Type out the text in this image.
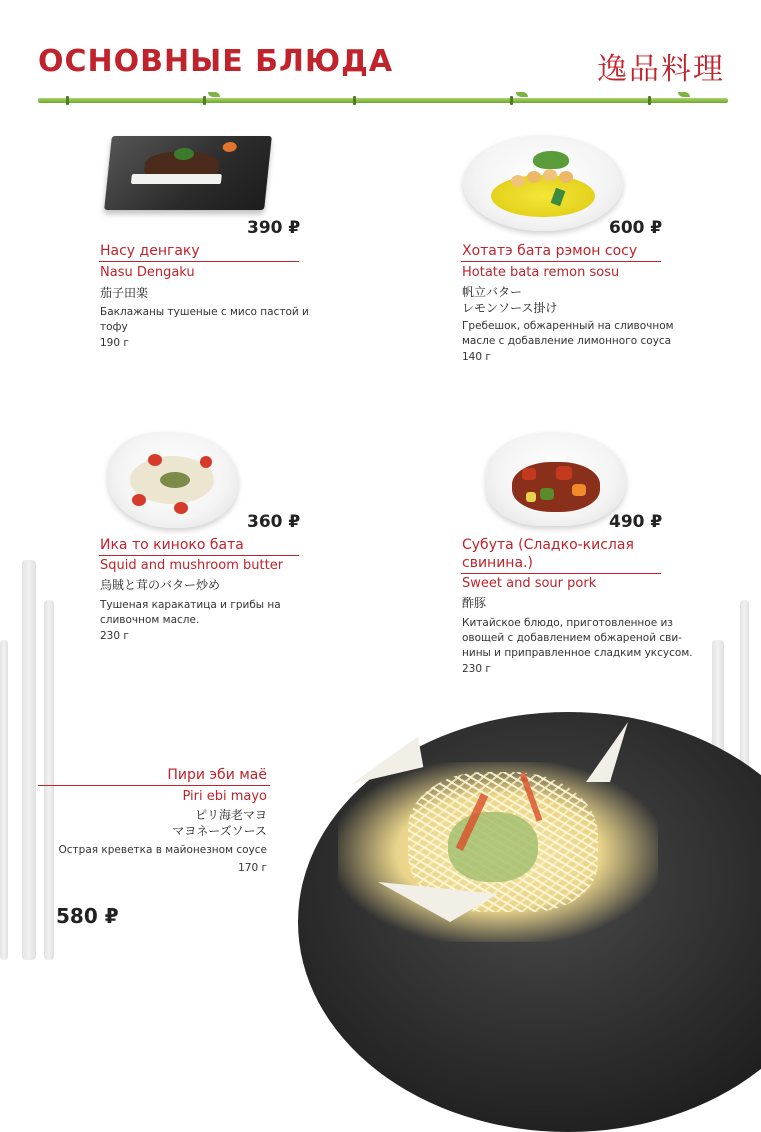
ОСНОВНЫЕ БЛЮДА	逸品料理
390 ₽
Насу денгаку
Nasu Dengaku
茄子田楽
Баклажаны тушеные с мисо пастой и
тофу
190 г
600 ₽
Хотатэ бата рэмон сосу
Hotate bata remon sosu
帆立バター
レモンソース掛け
Гребешок, обжаренный на сливочном
масле с добавление лимонного соуса
140 г
360 ₽
Ика то киноко бата
Squid and mushroom butter
烏賊と茸のバター炒め
Тушеная каракатица и грибы на
сливочном масле.
230 г
490 ₽
Субута (Сладко-кислая
свинина.)
Sweet and sour pork
酢豚
Китайское блюдо, приготовленное из
овощей с добавлением обжареной сви-
нины и приправленное сладким уксусом.
230 г
Пири эби маё
Piri ebi mayo
ピリ海老マヨ
マヨネーズソース
Острая креветка в майонезном соусе
170 г
580 ₽
